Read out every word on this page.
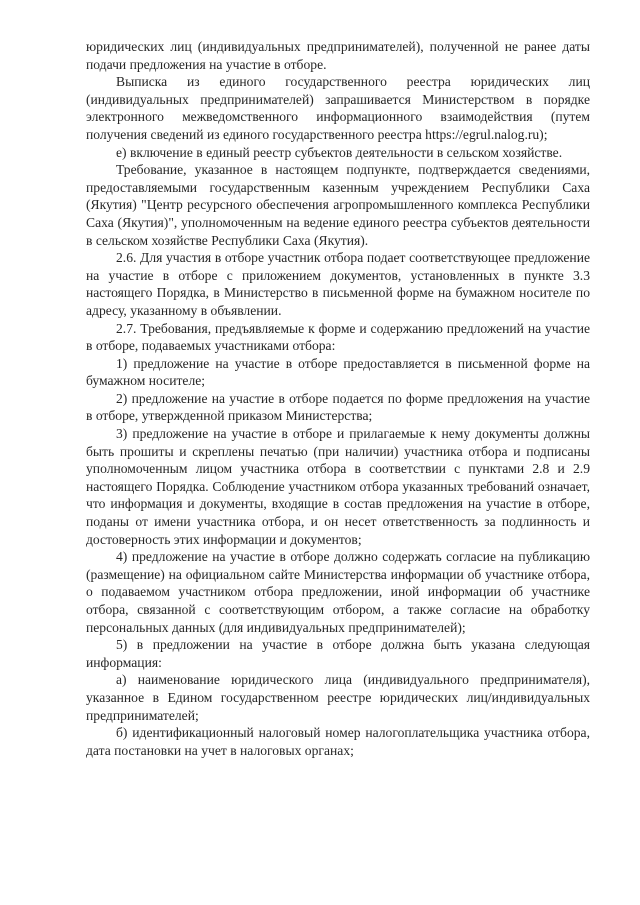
юридических лиц (индивидуальных предпринимателей), полученной не ранее даты подачи предложения на участие в отборе.

Выписка из единого государственного реестра юридических лиц (индивидуальных предпринимателей) запрашивается Министерством в порядке электронного межведомственного информационного взаимодействия (путем получения сведений из единого государственного реестра https://egrul.nalog.ru);

е) включение в единый реестр субъектов деятельности в сельском хозяйстве.

Требование, указанное в настоящем подпункте, подтверждается сведениями, предоставляемыми государственным казенным учреждением Республики Саха (Якутия) "Центр ресурсного обеспечения агропромышленного комплекса Республики Саха (Якутия)", уполномоченным на ведение единого реестра субъектов деятельности в сельском хозяйстве Республики Саха (Якутия).

2.6. Для участия в отборе участник отбора подает соответствующее предложение на участие в отборе с приложением документов, установленных в пункте 3.3 настоящего Порядка, в Министерство в письменной форме на бумажном носителе по адресу, указанному в объявлении.

2.7. Требования, предъявляемые к форме и содержанию предложений на участие в отборе, подаваемых участниками отбора:

1) предложение на участие в отборе предоставляется в письменной форме на бумажном носителе;

2) предложение на участие в отборе подается по форме предложения на участие в отборе, утвержденной приказом Министерства;

3) предложение на участие в отборе и прилагаемые к нему документы должны быть прошиты и скреплены печатью (при наличии) участника отбора и подписаны уполномоченным лицом участника отбора в соответствии с пунктами 2.8 и 2.9 настоящего Порядка. Соблюдение участником отбора указанных требований означает, что информация и документы, входящие в состав предложения на участие в отборе, поданы от имени участника отбора, и он несет ответственность за подлинность и достоверность этих информации и документов;

4) предложение на участие в отборе должно содержать согласие на публикацию (размещение) на официальном сайте Министерства информации об участнике отбора, о подаваемом участником отбора предложении, иной информации об участнике отбора, связанной с соответствующим отбором, а также согласие на обработку персональных данных (для индивидуальных предпринимателей);

5) в предложении на участие в отборе должна быть указана следующая информация:

а) наименование юридического лица (индивидуального предпринимателя), указанное в Едином государственном реестре юридических лиц/индивидуальных предпринимателей;

б) идентификационный налоговый номер налогоплательщика участника отбора, дата постановки на учет в налоговых органах;
